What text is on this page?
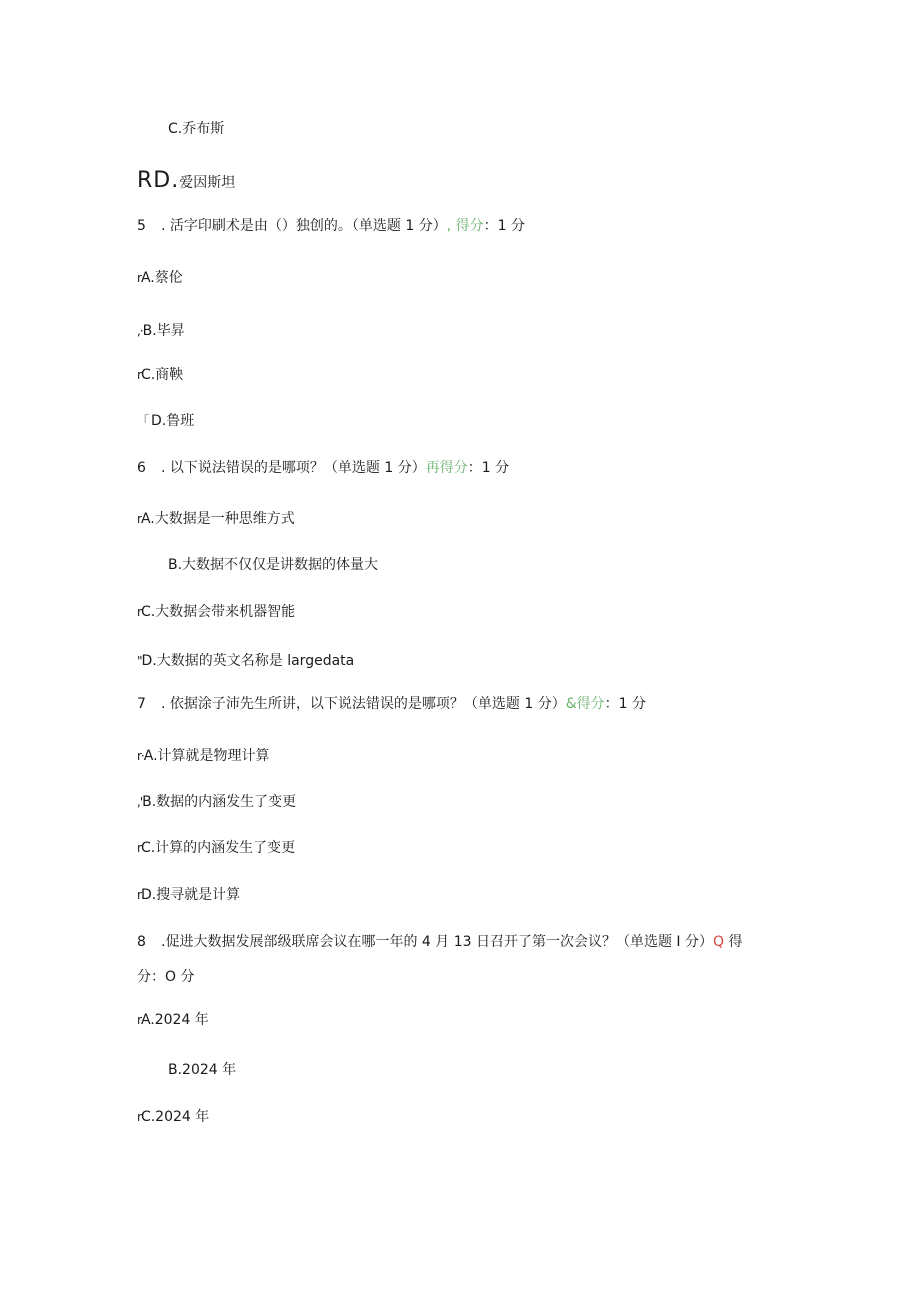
C.乔布斯
RD.爱因斯坦
5 . 活字印刷术是由（）独创的。（单选题 1 分）, 得分：1 分
rA.蔡伦
,·B.毕昇
rC.商鞅
「D.鲁班
6 . 以下说法错误的是哪项？（单选题 1 分）再得分：1 分
rA.大数据是一种思维方式
B.大数据不仅仅是讲数据的体量大
rC.大数据会带来机器智能
"D.大数据的英文名称是 largedata
7 . 依据涂子沛先生所讲，以下说法错误的是哪项？（单选题 1 分）&得分：1 分
r·A.计算就是物理计算
,'B.数据的内涵发生了变更
rC.计算的内涵发生了变更
rD.搜寻就是计算
8 .促进大数据发展部级联席会议在哪一年的 4 月 13 日召开了第一次会议？（单选题 I 分）Q 得
分：O 分
rA.2024 年
B.2024 年
rC.2024 年
